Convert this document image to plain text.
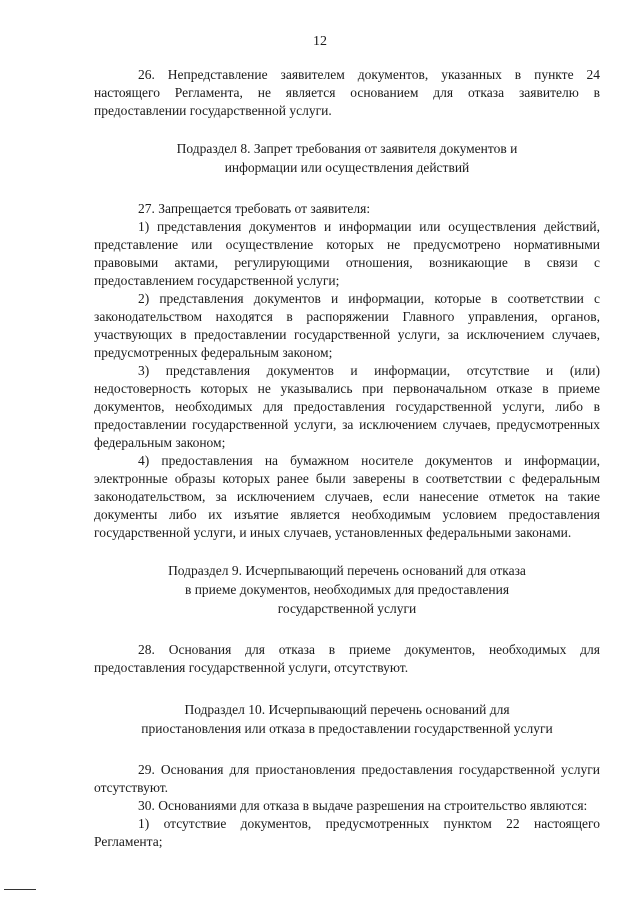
12

26. Непредставление заявителем документов, указанных в пункте 24 настоящего Регламента, не является основанием для отказа заявителю в предоставлении государственной услуги.

Подраздел 8. Запрет требования от заявителя документов и
информации или осуществления действий

27. Запрещается требовать от заявителя:

1) представления документов и информации или осуществления действий, представление или осуществление которых не предусмотрено нормативными правовыми актами, регулирующими отношения, возникающие в связи с предоставлением государственной услуги;

2) представления документов и информации, которые в соответствии с законодательством находятся в распоряжении Главного управления, органов, участвующих в предоставлении государственной услуги, за исключением случаев, предусмотренных федеральным законом;

3) представления документов и информации, отсутствие и (или) недостоверность которых не указывались при первоначальном отказе в приеме документов, необходимых для предоставления государственной услуги, либо в предоставлении государственной услуги, за исключением случаев, предусмотренных федеральным законом;

4) предоставления на бумажном носителе документов и информации, электронные образы которых ранее были заверены в соответствии с федеральным законодательством, за исключением случаев, если нанесение отметок на такие документы либо их изъятие является необходимым условием предоставления государственной услуги, и иных случаев, установленных федеральными законами.

Подраздел 9. Исчерпывающий перечень оснований для отказа
в приеме документов, необходимых для предоставления
государственной услуги

28. Основания для отказа в приеме документов, необходимых для предоставления государственной услуги, отсутствуют.

Подраздел 10. Исчерпывающий перечень оснований для
приостановления или отказа в предоставлении государственной услуги

29. Основания для приостановления предоставления государственной услуги отсутствуют.

30. Основаниями для отказа в выдаче разрешения на строительство являются:

1) отсутствие документов, предусмотренных пунктом 22 настоящего Регламента;
